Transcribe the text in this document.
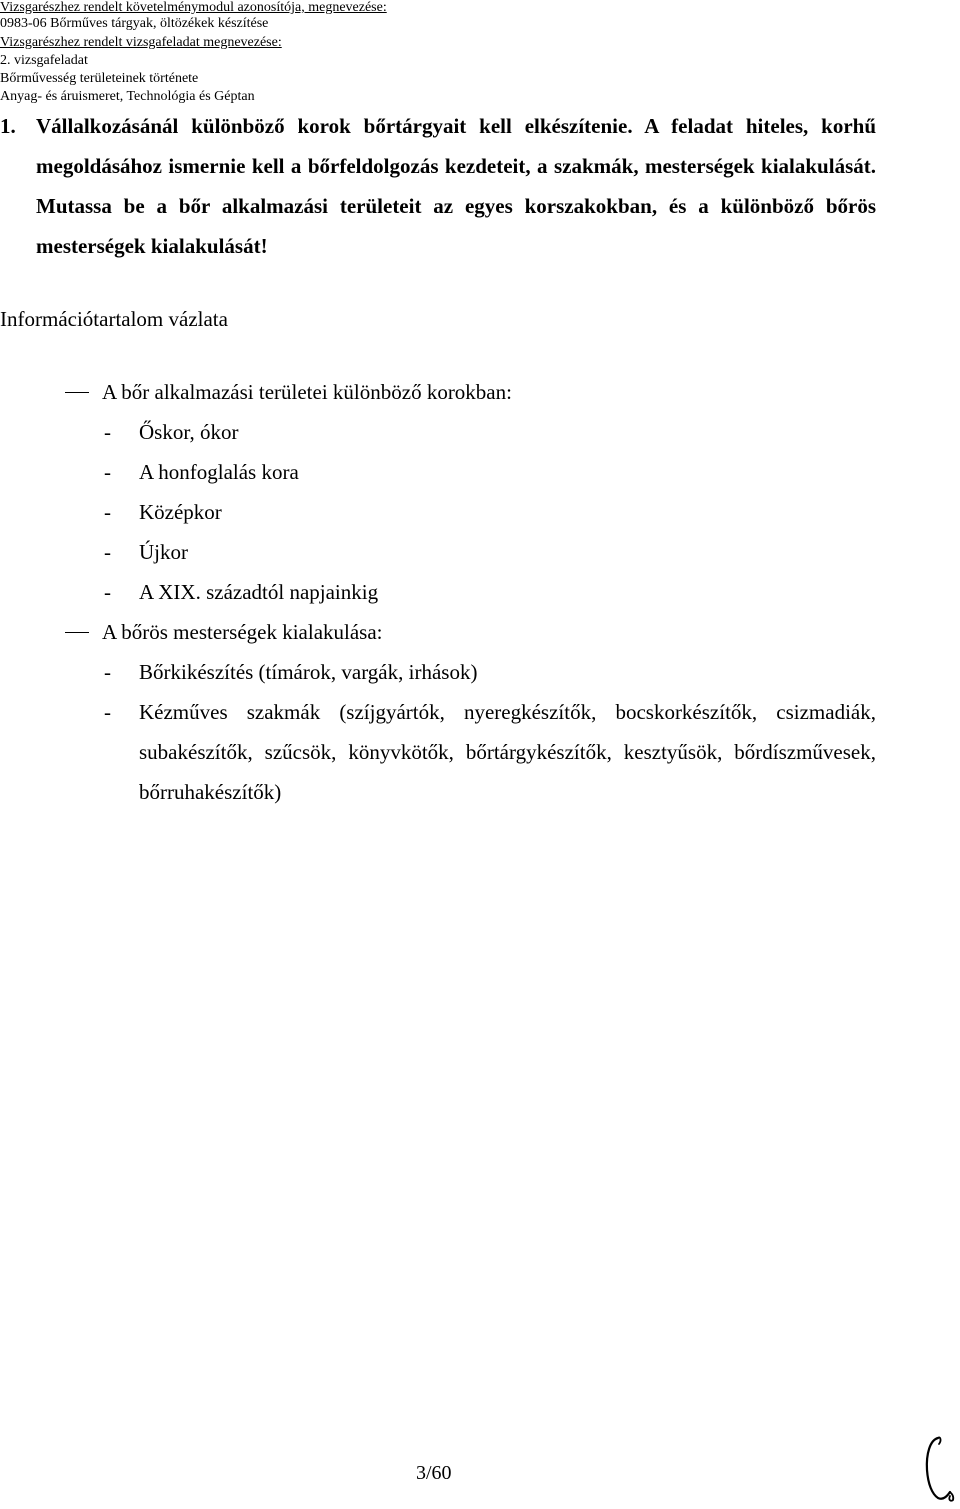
Vizsgarészhez rendelt követelménymodul azonosítója, megnevezése:
0983-06 Bőrműves tárgyak, öltözékek készítése
Vizsgarészhez rendelt vizsgafeladat megnevezése:
2. vizsgafeladat
Bőrművesség területeinek története
Anyag- és áruismeret, Technológia és Géptan
1. Vállalkozásánál különböző korok bőrtárgyait kell elkészítenie. A feladat hiteles, korhű megoldásához ismernie kell a bőrfeldolgozás kezdeteit, a szakmák, mesterségek kialakulását. Mutassa be a bőr alkalmazási területeit az egyes korszakokban, és a különböző bőrös mesterségek kialakulását!
Információtartalom vázlata
A bőr alkalmazási területei különböző korokban:
- Őskor, ókor
- A honfoglalás kora
- Középkor
- Újkor
- A XIX. századtól napjainkig
A bőrös mesterségek kialakulása:
- Bőrkikészítés (tímárok, vargák, irhások)
- Kézműves szakmák (szíjgyártók, nyeregkészítők, bocskorkészítők, csizmadiák, subakészítők, szűcsök, könyvkötők, bőrtárgykészítők, kesztyűsök, bőrdíszművesek, bőrruhakészítők)
3/60
